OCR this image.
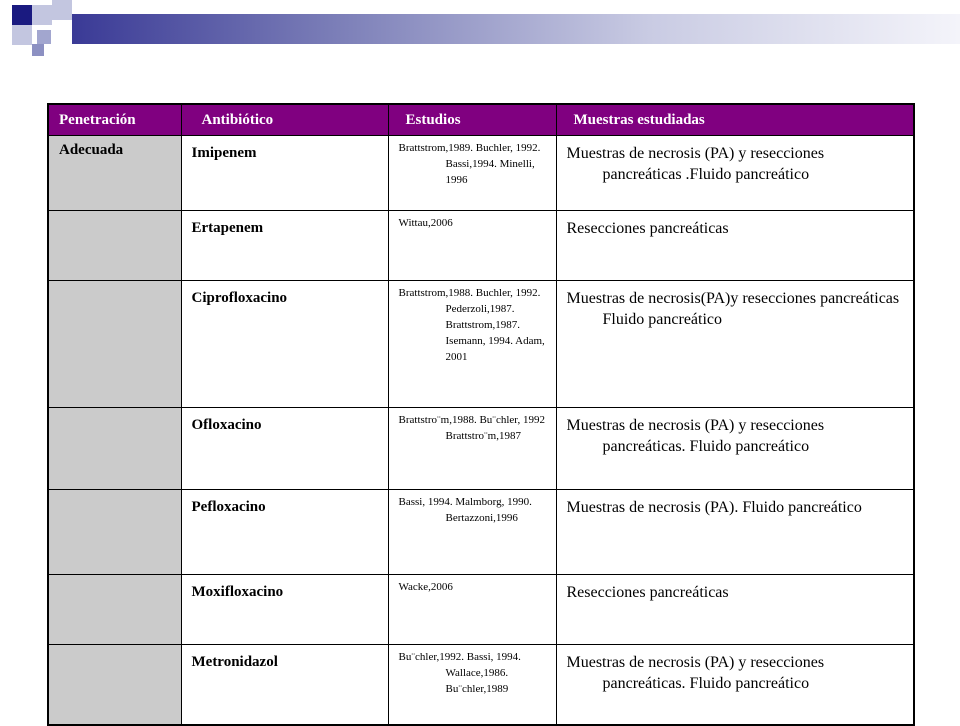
Penetración	Antibiótico	Estudios	Muestras estudiadas
Adecuada	Imipenem	Brattstrom,1989. Buchler, 1992. Bassi,1994. Minelli, 1996	Muestras de necrosis (PA) y resecciones pancreáticas .Fluido pancreático

	Ertapenem	Wittau,2006	Resecciones pancreáticas

	Ciprofloxacino	Brattstrom,1988. Buchler, 1992. Pederzoli,1987. Brattstrom,1987. Isemann, 1994. Adam, 2001	Muestras de necrosis(PA)y resecciones pancreáticas Fluido pancreático

	Ofloxacino	Brattstro¨m,1988. Bu¨chler, 1992 Brattstro¨m,1987	Muestras de necrosis (PA) y resecciones pancreáticas. Fluido pancreático

	Pefloxacino	Bassi, 1994. Malmborg, 1990. Bertazzoni,1996	Muestras de necrosis (PA). Fluido pancreático

	Moxifloxacino	Wacke,2006	Resecciones pancreáticas

	Metronidazol	Bu¨chler,1992. Bassi, 1994. Wallace,1986. Bu¨chler,1989	Muestras de necrosis (PA) y resecciones pancreáticas. Fluido pancreático
